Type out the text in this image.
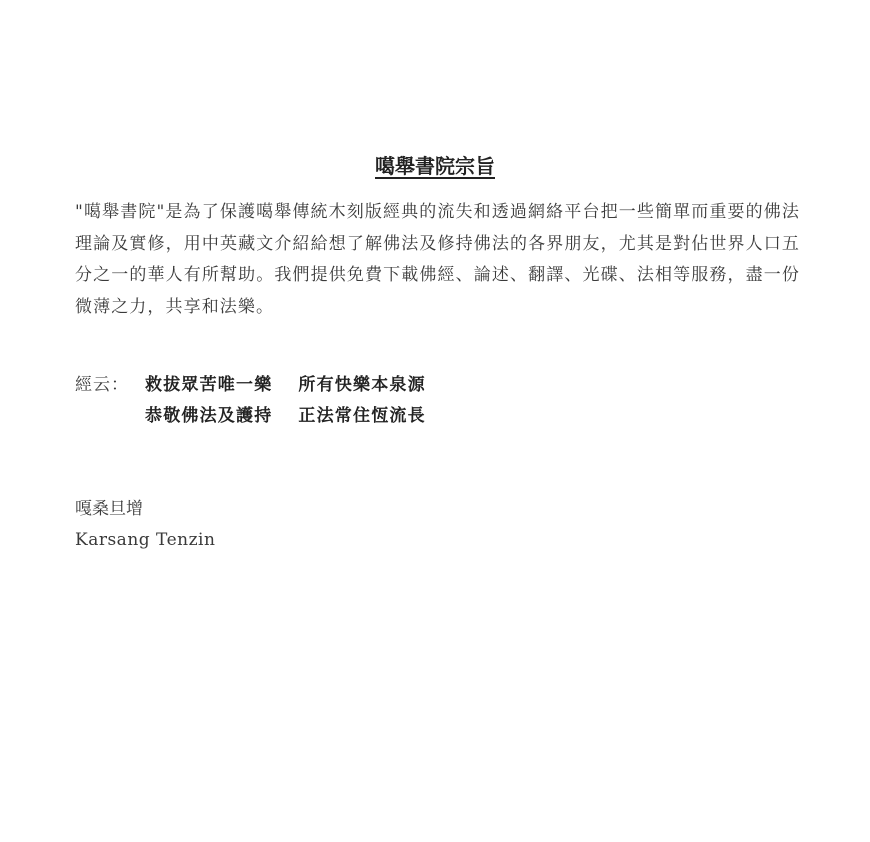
噶舉書院宗旨

"噶舉書院"是為了保護噶舉傳統木刻版經典的流失和透過網絡平台把一些簡單而重要的佛法理論及實修，用中英藏文介紹給想了解佛法及修持佛法的各界朋友，尤其是對佔世界人口五分之一的華人有所幫助。我們提供免費下載佛經、論述、翻譯、光碟、法相等服務，盡一份微薄之力，共享和法樂。

經云： 救拔眾苦唯一樂 所有快樂本泉源
恭敬佛法及護持 正法常住恆流長
嘎桑旦增
Karsang Tenzin
